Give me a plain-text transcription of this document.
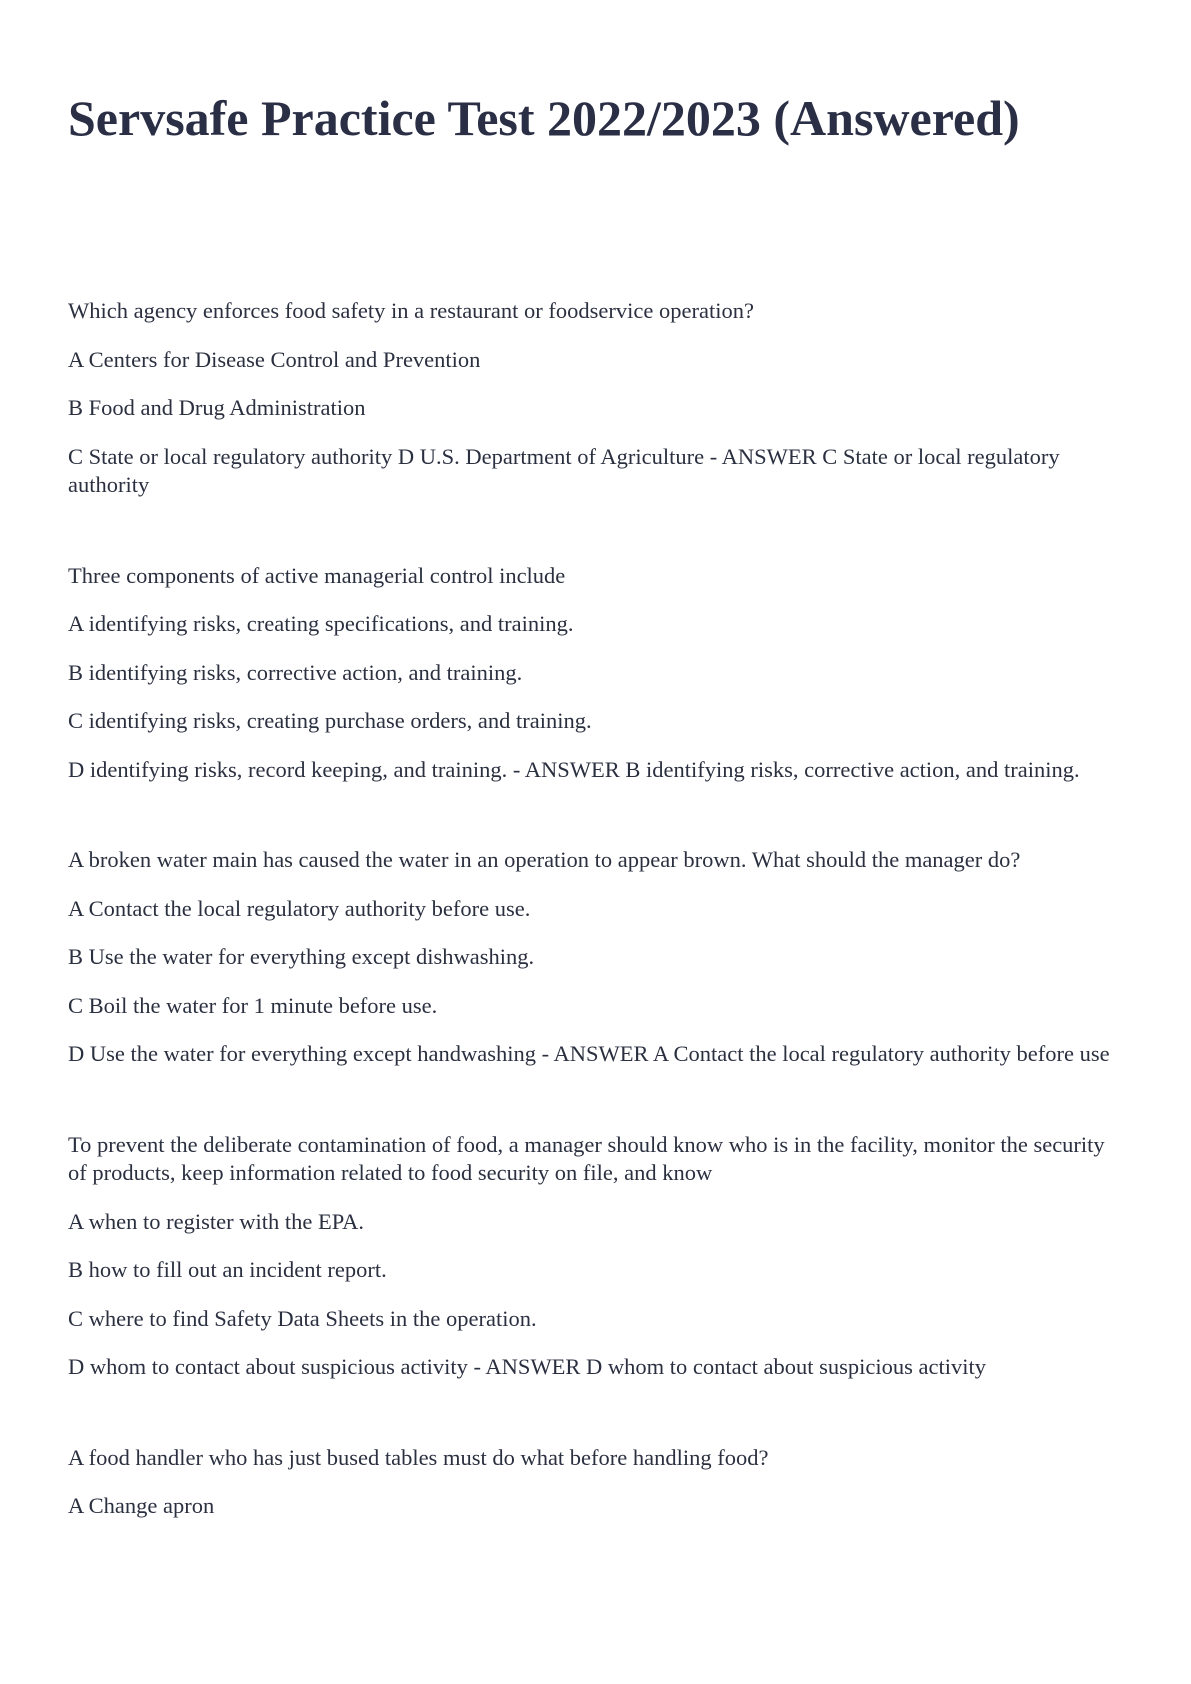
Servsafe Practice Test 2022/2023 (Answered)

Which agency enforces food safety in a restaurant or foodservice operation?

A Centers for Disease Control and Prevention

B Food and Drug Administration

C State or local regulatory authority D U.S. Department of Agriculture - ANSWER C State or local regulatory authority

Three components of active managerial control include

A identifying risks, creating specifications, and training.

B identifying risks, corrective action, and training.

C identifying risks, creating purchase orders, and training.

D identifying risks, record keeping, and training. - ANSWER B identifying risks, corrective action, and training.

A broken water main has caused the water in an operation to appear brown. What should the manager do?

A Contact the local regulatory authority before use.

B Use the water for everything except dishwashing.

C Boil the water for 1 minute before use.

D Use the water for everything except handwashing - ANSWER A Contact the local regulatory authority before use

To prevent the deliberate contamination of food, a manager should know who is in the facility, monitor the security of products, keep information related to food security on file, and know

A when to register with the EPA.

B how to fill out an incident report.

C where to find Safety Data Sheets in the operation.

D whom to contact about suspicious activity - ANSWER D whom to contact about suspicious activity

A food handler who has just bused tables must do what before handling food?

A Change apron
